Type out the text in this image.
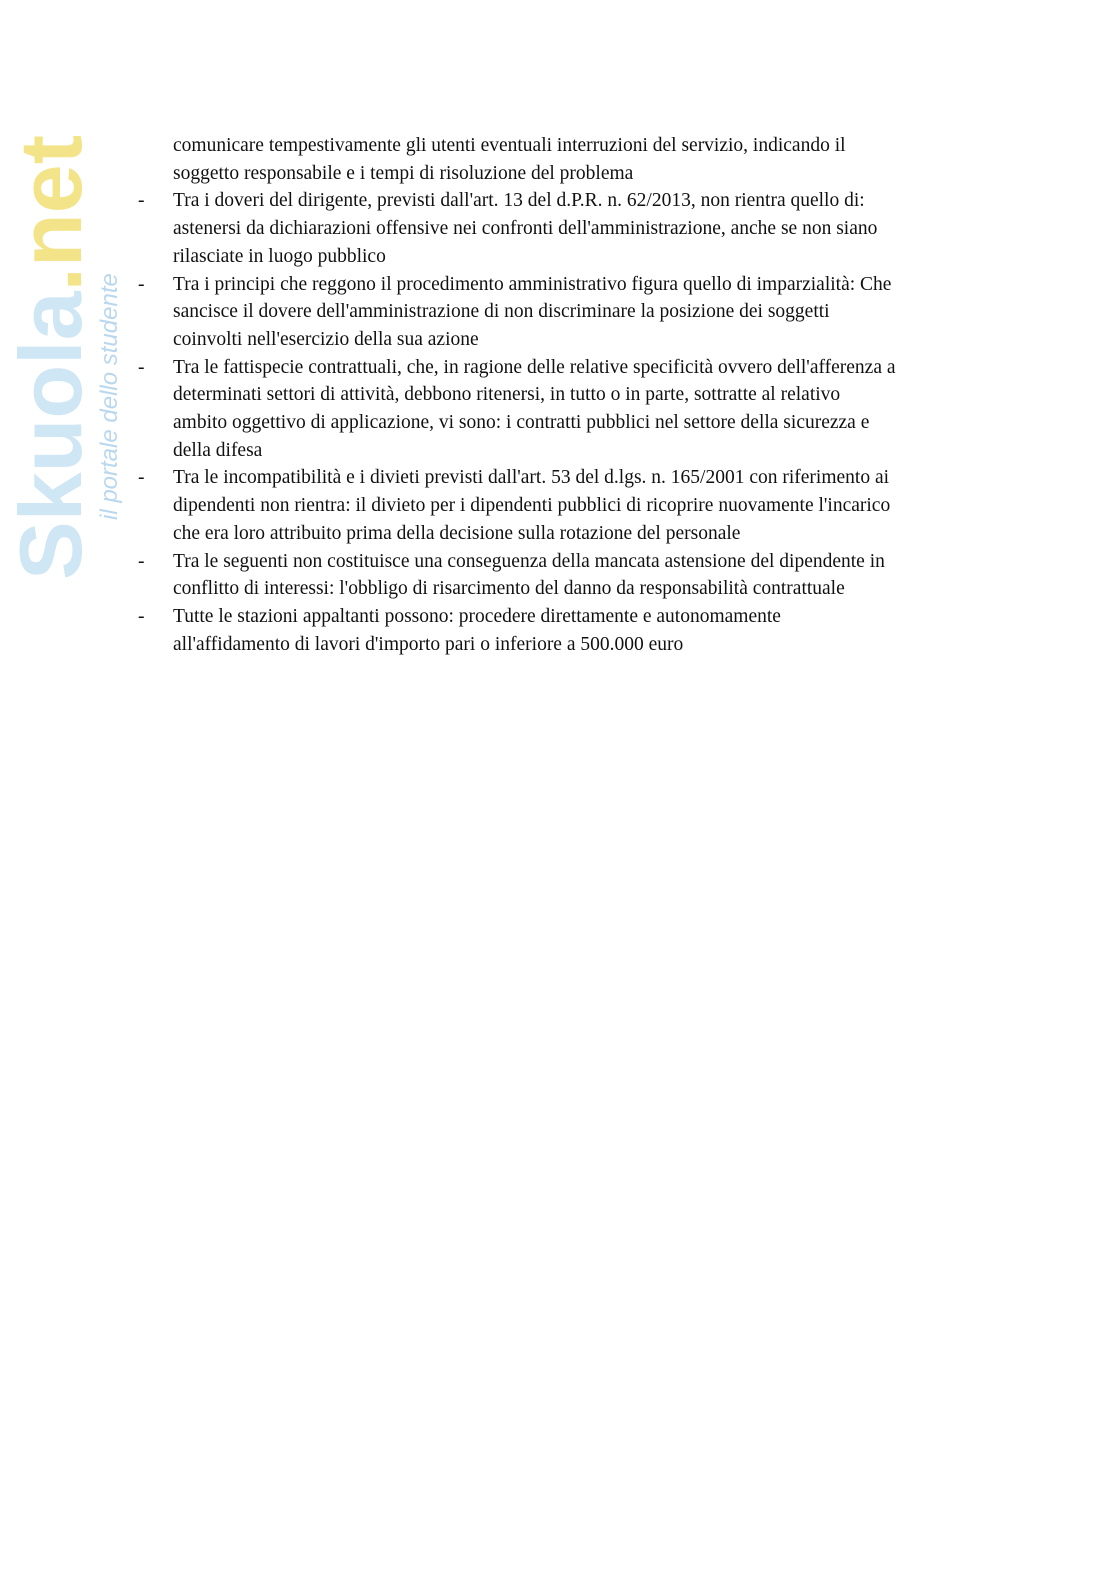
Skuola.net
il portale dello studente
comunicare tempestivamente gli utenti eventuali interruzioni del servizio, indicando il
soggetto responsabile e i tempi di risoluzione del problema
- Tra i doveri del dirigente, previsti dall'art. 13 del d.P.R. n. 62/2013, non rientra quello di:
astenersi da dichiarazioni offensive nei confronti dell'amministrazione, anche se non siano
rilasciate in luogo pubblico
- Tra i principi che reggono il procedimento amministrativo figura quello di imparzialità: Che
sancisce il dovere dell'amministrazione di non discriminare la posizione dei soggetti
coinvolti nell'esercizio della sua azione
- Tra le fattispecie contrattuali, che, in ragione delle relative specificità ovvero dell'afferenza a
determinati settori di attività, debbono ritenersi, in tutto o in parte, sottratte al relativo
ambito oggettivo di applicazione, vi sono: i contratti pubblici nel settore della sicurezza e
della difesa
- Tra le incompatibilità e i divieti previsti dall'art. 53 del d.lgs. n. 165/2001 con riferimento ai
dipendenti non rientra: il divieto per i dipendenti pubblici di ricoprire nuovamente l'incarico
che era loro attribuito prima della decisione sulla rotazione del personale
- Tra le seguenti non costituisce una conseguenza della mancata astensione del dipendente in
conflitto di interessi: l'obbligo di risarcimento del danno da responsabilità contrattuale
- Tutte le stazioni appaltanti possono: procedere direttamente e autonomamente
all'affidamento di lavori d'importo pari o inferiore a 500.000 euro
